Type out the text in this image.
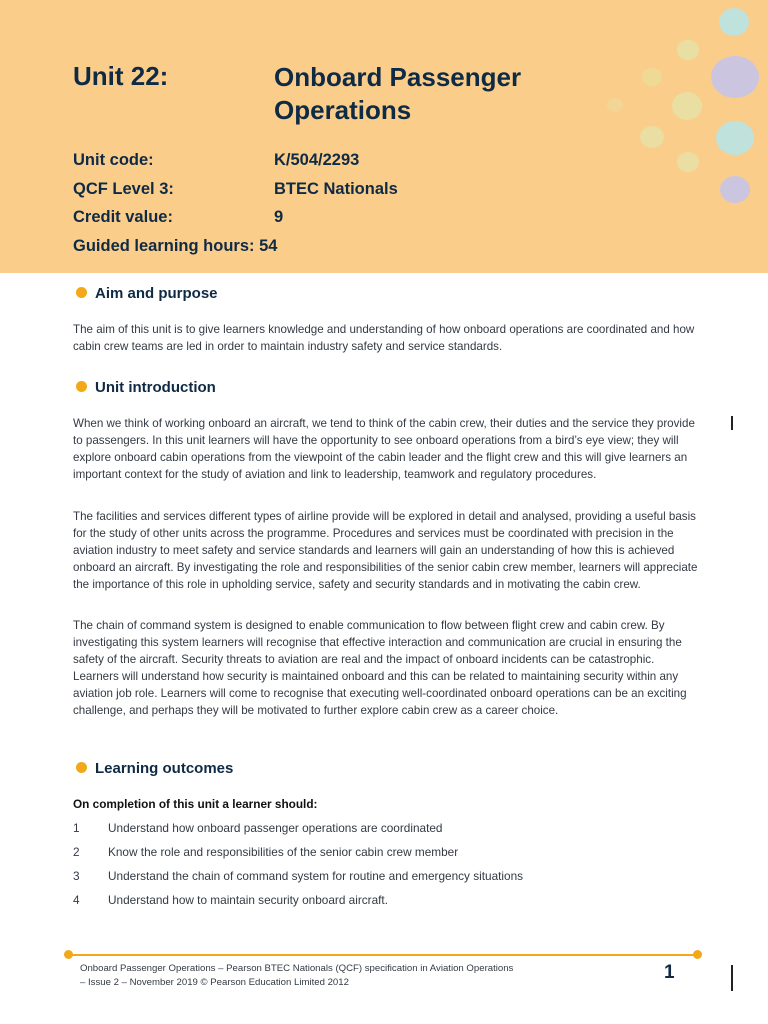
Unit 22:	Onboard Passenger Operations
Unit code:	K/504/2293
QCF Level 3:	BTEC Nationals
Credit value:	9
Guided learning hours: 54
Aim and purpose
The aim of this unit is to give learners knowledge and understanding of how onboard operations are coordinated and how cabin crew teams are led in order to maintain industry safety and service standards.
Unit introduction
When we think of working onboard an aircraft, we tend to think of the cabin crew, their duties and the service they provide to passengers. In this unit learners will have the opportunity to see onboard operations from a bird’s eye view; they will explore onboard cabin operations from the viewpoint of the cabin leader and the flight crew and this will give learners an important context for the study of aviation and link to leadership, teamwork and regulatory procedures.
The facilities and services different types of airline provide will be explored in detail and analysed, providing a useful basis for the study of other units across the programme. Procedures and services must be coordinated with precision in the aviation industry to meet safety and service standards and learners will gain an understanding of how this is achieved onboard an aircraft. By investigating the role and responsibilities of the senior cabin crew member, learners will appreciate the importance of this role in upholding service, safety and security standards and in motivating the cabin crew.
The chain of command system is designed to enable communication to flow between flight crew and cabin crew. By investigating this system learners will recognise that effective interaction and communication are crucial in ensuring the safety of the aircraft. Security threats to aviation are real and the impact of onboard incidents can be catastrophic. Learners will understand how security is maintained onboard and this can be related to maintaining security within any aviation job role. Learners will come to recognise that executing well-coordinated onboard operations can be an exciting challenge, and perhaps they will be motivated to further explore cabin crew as a career choice.
Learning outcomes
On completion of this unit a learner should:
1 Understand how onboard passenger operations are coordinated
2 Know the role and responsibilities of the senior cabin crew member
3 Understand the chain of command system for routine and emergency situations
4 Understand how to maintain security onboard aircraft.
Onboard Passenger Operations – Pearson BTEC Nationals (QCF) specification in Aviation Operations
– Issue 2 – November 2019 © Pearson Education Limited 2012	1
